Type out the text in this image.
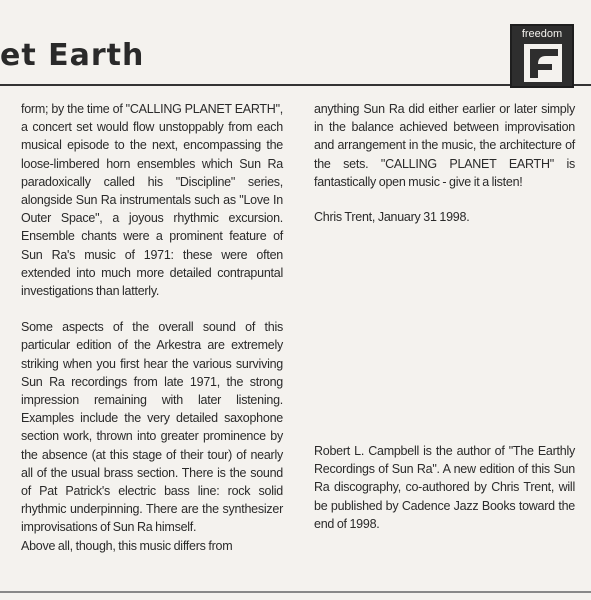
et Earth
freedom

form; by the time of "CALLING PLANET EARTH", a concert set would flow unstoppably from each musical episode to the next, encompassing the loose-limbered horn ensembles which Sun Ra paradoxically called his "Discipline" series, alongside Sun Ra instrumentals such as "Love In Outer Space", a joyous rhythmic excursion. Ensemble chants were a prominent feature of Sun Ra's music of 1971: these were often extended into much more detailed contrapuntal investigations than latterly.

Some aspects of the overall sound of this particular edition of the Arkestra are extremely striking when you first hear the various surviving Sun Ra recordings from late 1971, the strong impression remaining with later listening. Examples include the very detailed saxophone section work, thrown into greater prominence by the absence (at this stage of their tour) of nearly all of the usual brass section. There is the sound of Pat Patrick's electric bass line: rock solid rhythmic underpinning. There are the synthesizer improvisations of Sun Ra himself.

Above all, though, this music differs from

anything Sun Ra did either earlier or later simply in the balance achieved between improvisation and arrangement in the music, the architecture of the sets. "CALLING PLANET EARTH" is fantastically open music - give it a listen!

Chris Trent, January 31 1998.

Robert L. Campbell is the author of "The Earthly Recordings of Sun Ra". A new edition of this Sun Ra discography, co-authored by Chris Trent, will be published by Cadence Jazz Books toward the end of 1998.
